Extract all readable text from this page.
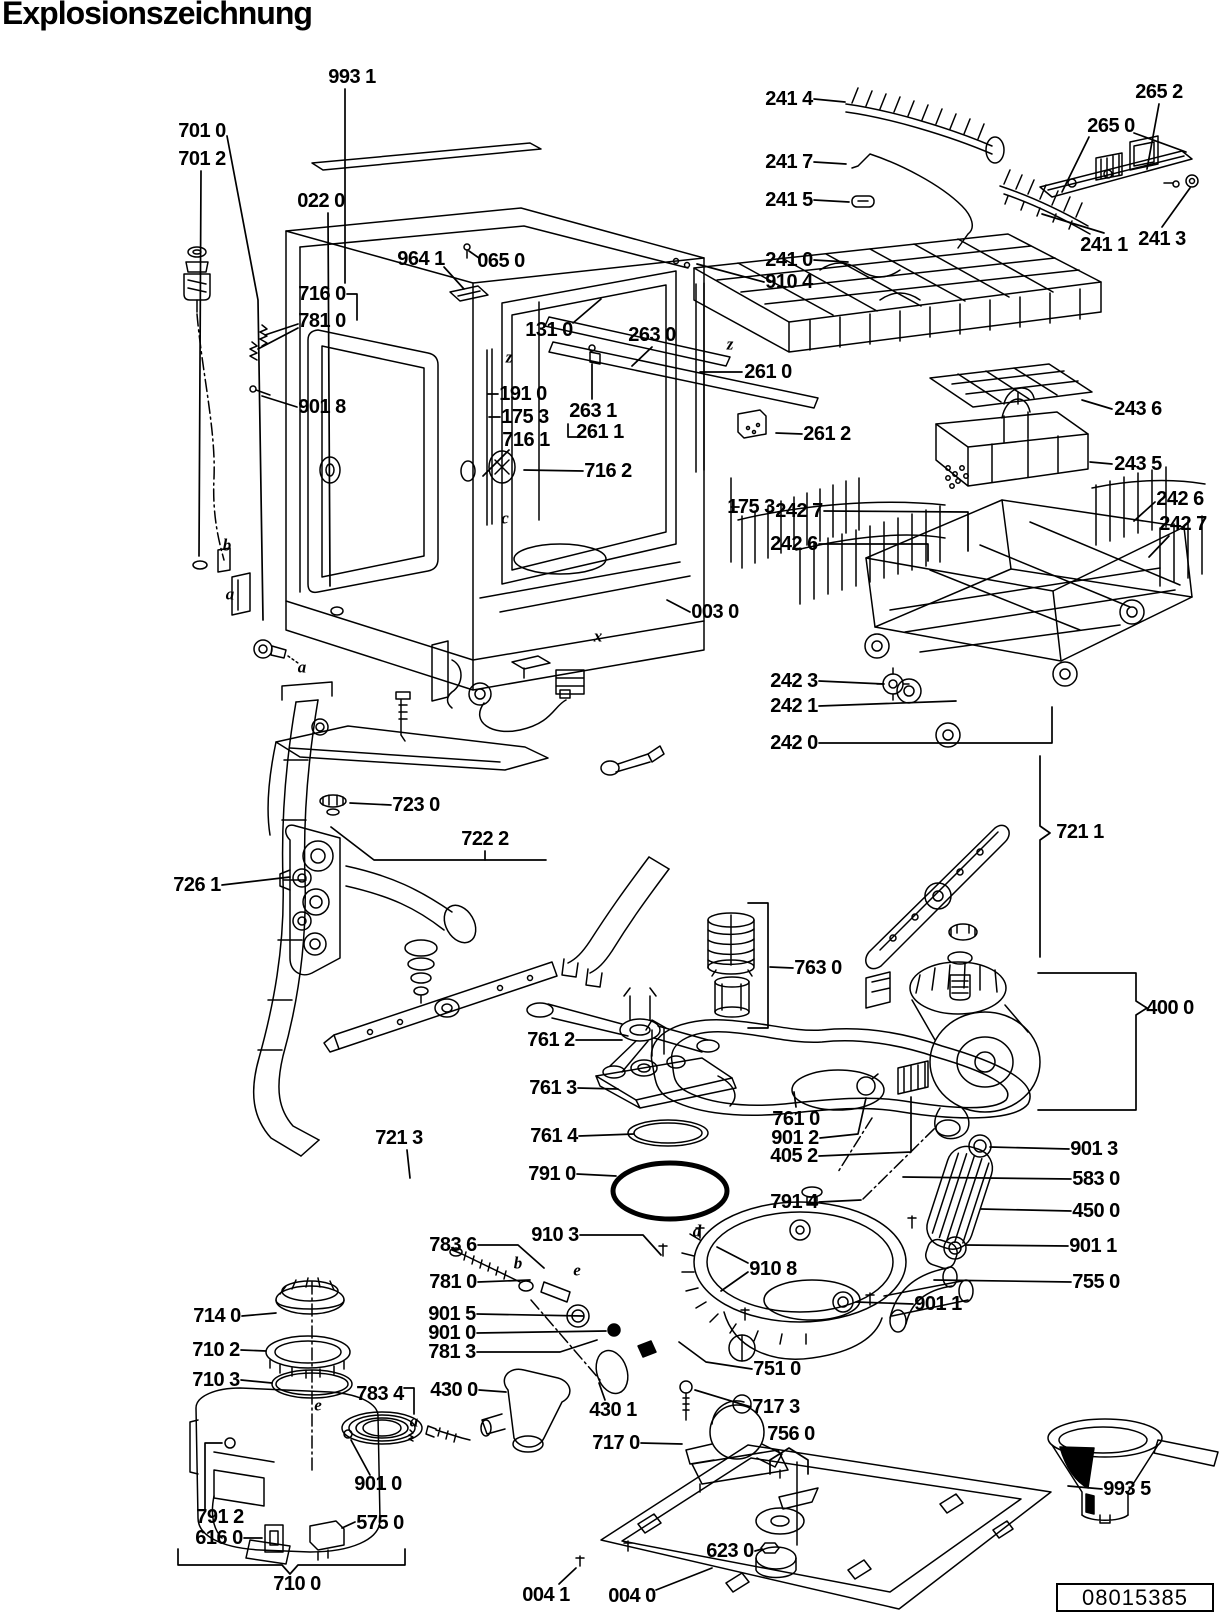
Explosionszeichnung
993 1
701 0
701 2
022 0
964 1 065 0
716 0
781 0	131 0	263 0
901 8
191 0
175 3
716 1
263 1
261 1
716 2
261 0
261 2
241 4
241 7
241 5
241 0
910 4
265 2
265 0
241 1 241 3
243 6
243 5
242 6
242 7
175 3 242 7
242 6
003 0
242 3
242 1
242 0
721 1
723 0
722 2
726 1
763 0
761 2
761 3
761 4
791 0
910 3
721 3
783 6
781 0
901 5
901 0
781 3
761 0
901 2
405 2
791 4
910 8
400 0
901 3
583 0
450 0
901 1
755 0
901 1
751 0
714 0
710 2
710 3
783 4 430 0
430 1
717 0
717 3
756 0
623 0
004 1 004 0
993 5
791 2
616 0
575 0
710 0
901 0
z
z
b
a
c
x
a
b	e
d
e
a
08015385
